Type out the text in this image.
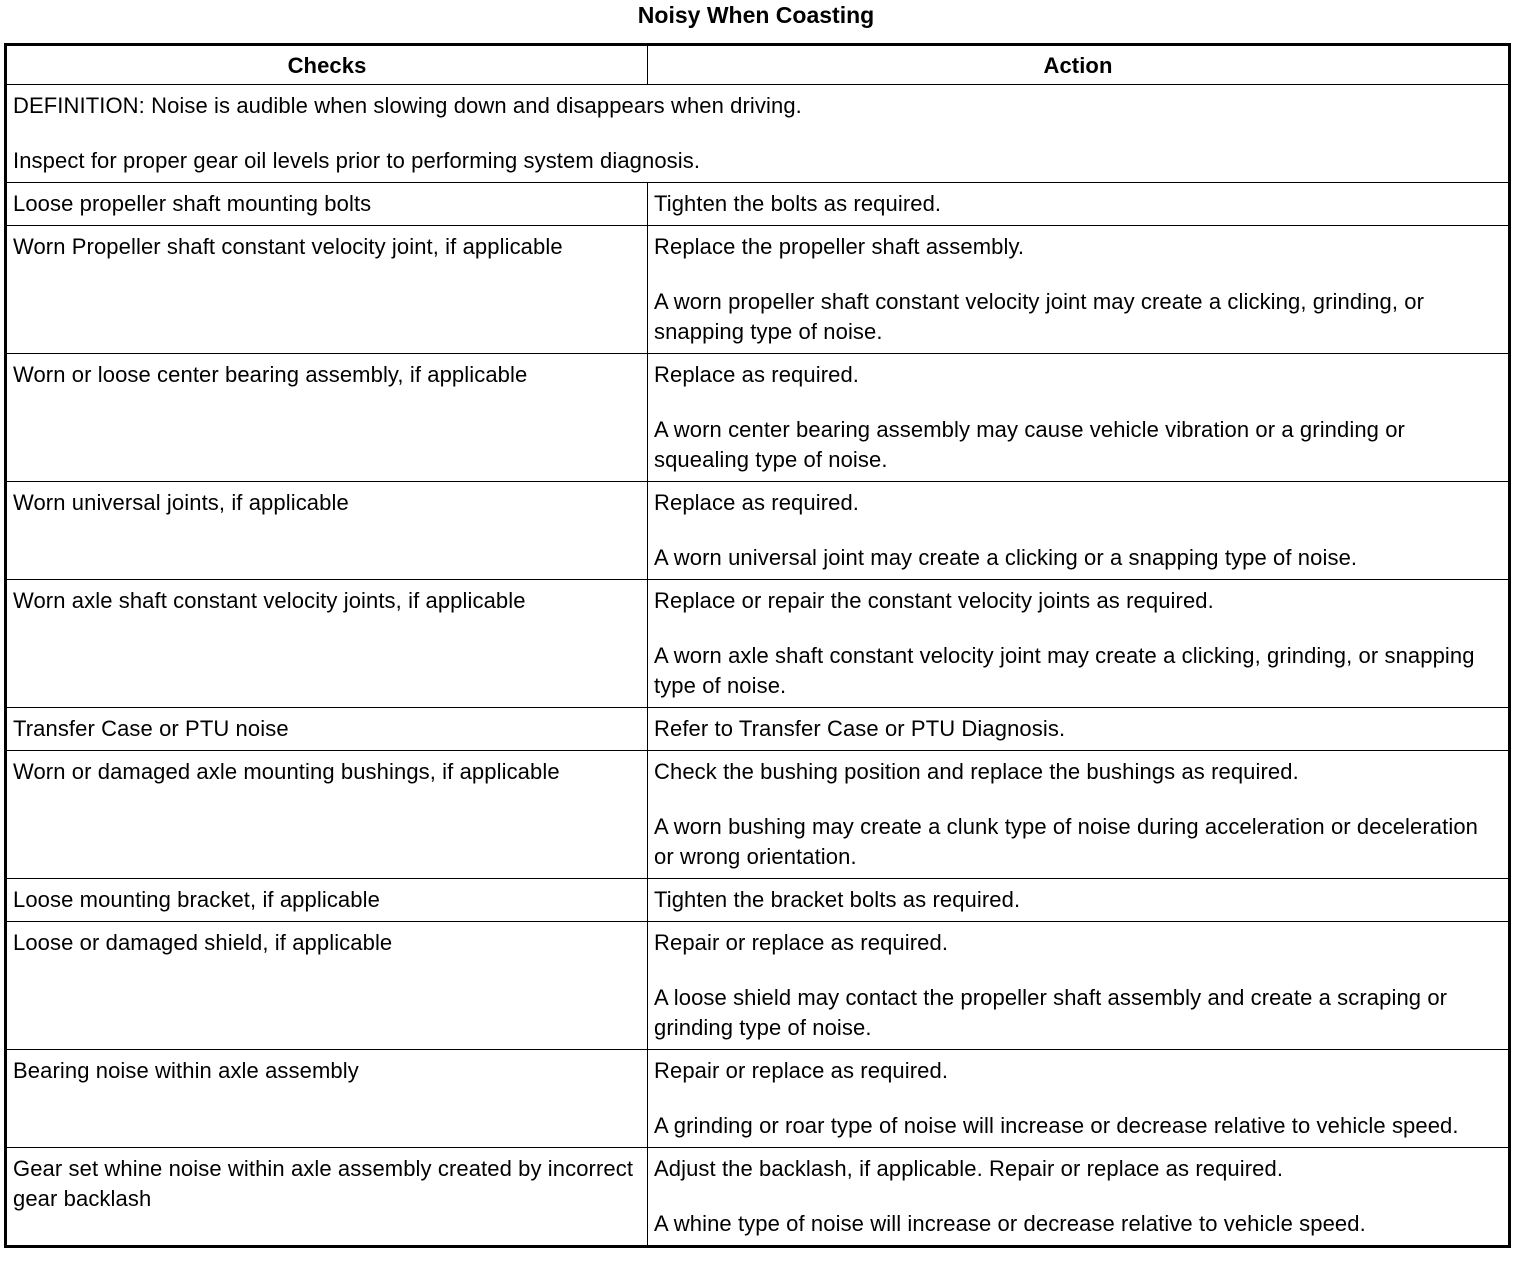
Noisy When Coasting
Checks	Action

DEFINITION: Noise is audible when slowing down and disappears when driving.
Inspect for proper gear oil levels prior to performing system diagnosis.	

Loose propeller shaft mounting bolts	Tighten the bolts as required.

Worn Propeller shaft constant velocity joint, if applicable	Replace the propeller shaft assembly.
A worn propeller shaft constant velocity joint may create a clicking, grinding, or snapping type of noise.

Worn or loose center bearing assembly, if applicable	Replace as required.
A worn center bearing assembly may cause vehicle vibration or a grinding or squealing type of noise.

Worn universal joints, if applicable	Replace as required.
A worn universal joint may create a clicking or a snapping type of noise.

Worn axle shaft constant velocity joints, if applicable	Replace or repair the constant velocity joints as required.
A worn axle shaft constant velocity joint may create a clicking, grinding, or snapping type of noise.

Transfer Case or PTU noise	Refer to Transfer Case or PTU Diagnosis.

Worn or damaged axle mounting bushings, if applicable	Check the bushing position and replace the bushings as required.
A worn bushing may create a clunk type of noise during acceleration or deceleration or wrong orientation.

Loose mounting bracket, if applicable	Tighten the bracket bolts as required.

Loose or damaged shield, if applicable	Repair or replace as required.
A loose shield may contact the propeller shaft assembly and create a scraping or grinding type of noise.

Bearing noise within axle assembly	Repair or replace as required.
A grinding or roar type of noise will increase or decrease relative to vehicle speed.

Gear set whine noise within axle assembly created by incorrect gear backlash	Adjust the backlash, if applicable. Repair or replace as required.
A whine type of noise will increase or decrease relative to vehicle speed.
